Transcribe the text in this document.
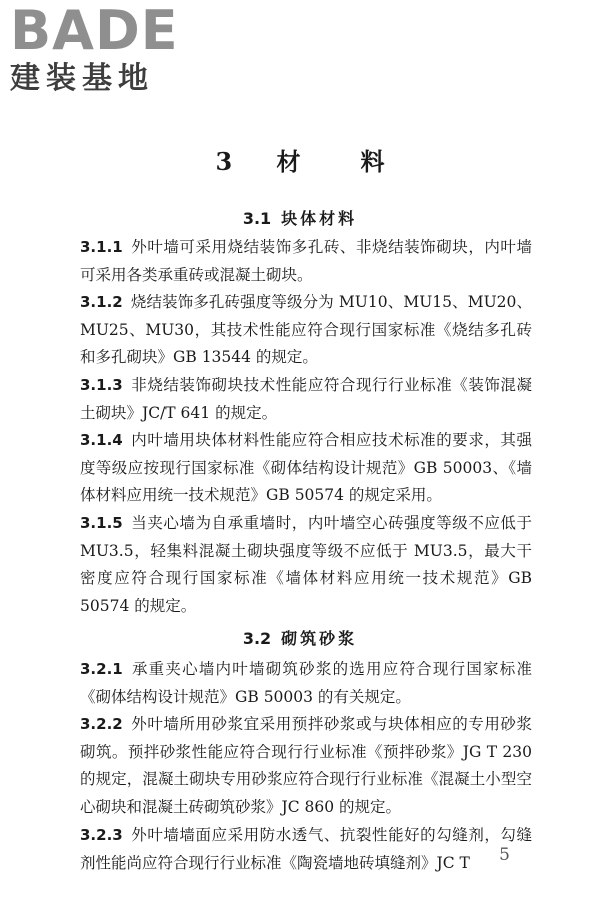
BADE
建装基地
3 材　料
3.1 块体材料

3.1.1 外叶墙可采用烧结装饰多孔砖、非烧结装饰砌块，内叶墙可采用各类承重砖或混凝土砌块。

3.1.2 烧结装饰多孔砖强度等级分为 MU10、MU15、MU20、MU25、MU30，其技术性能应符合现行国家标准《烧结多孔砖和多孔砌块》GB 13544 的规定。

3.1.3 非烧结装饰砌块技术性能应符合现行行业标准《装饰混凝土砌块》JC/T 641 的规定。

3.1.4 内叶墙用块体材料性能应符合相应技术标准的要求，其强度等级应按现行国家标准《砌体结构设计规范》GB 50003、《墙体材料应用统一技术规范》GB 50574 的规定采用。

3.1.5 当夹心墙为自承重墙时，内叶墙空心砖强度等级不应低于 MU3.5，轻集料混凝土砌块强度等级不应低于 MU3.5，最大干密度应符合现行国家标准《墙体材料应用统一技术规范》GB 50574 的规定。

3.2 砌筑砂浆

3.2.1 承重夹心墙内叶墙砌筑砂浆的选用应符合现行国家标准《砌体结构设计规范》GB 50003 的有关规定。

3.2.2 外叶墙所用砂浆宜采用预拌砂浆或与块体相应的专用砂浆砌筑。预拌砂浆性能应符合现行行业标准《预拌砂浆》JG T 230 的规定，混凝土砌块专用砂浆应符合现行行业标准《混凝土小型空心砌块和混凝土砖砌筑砂浆》JC 860 的规定。

3.2.3 外叶墙墙面应采用防水透气、抗裂性能好的勾缝剂，勾缝剂性能尚应符合现行行业标准《陶瓷墙地砖填缝剂》JC T	5
